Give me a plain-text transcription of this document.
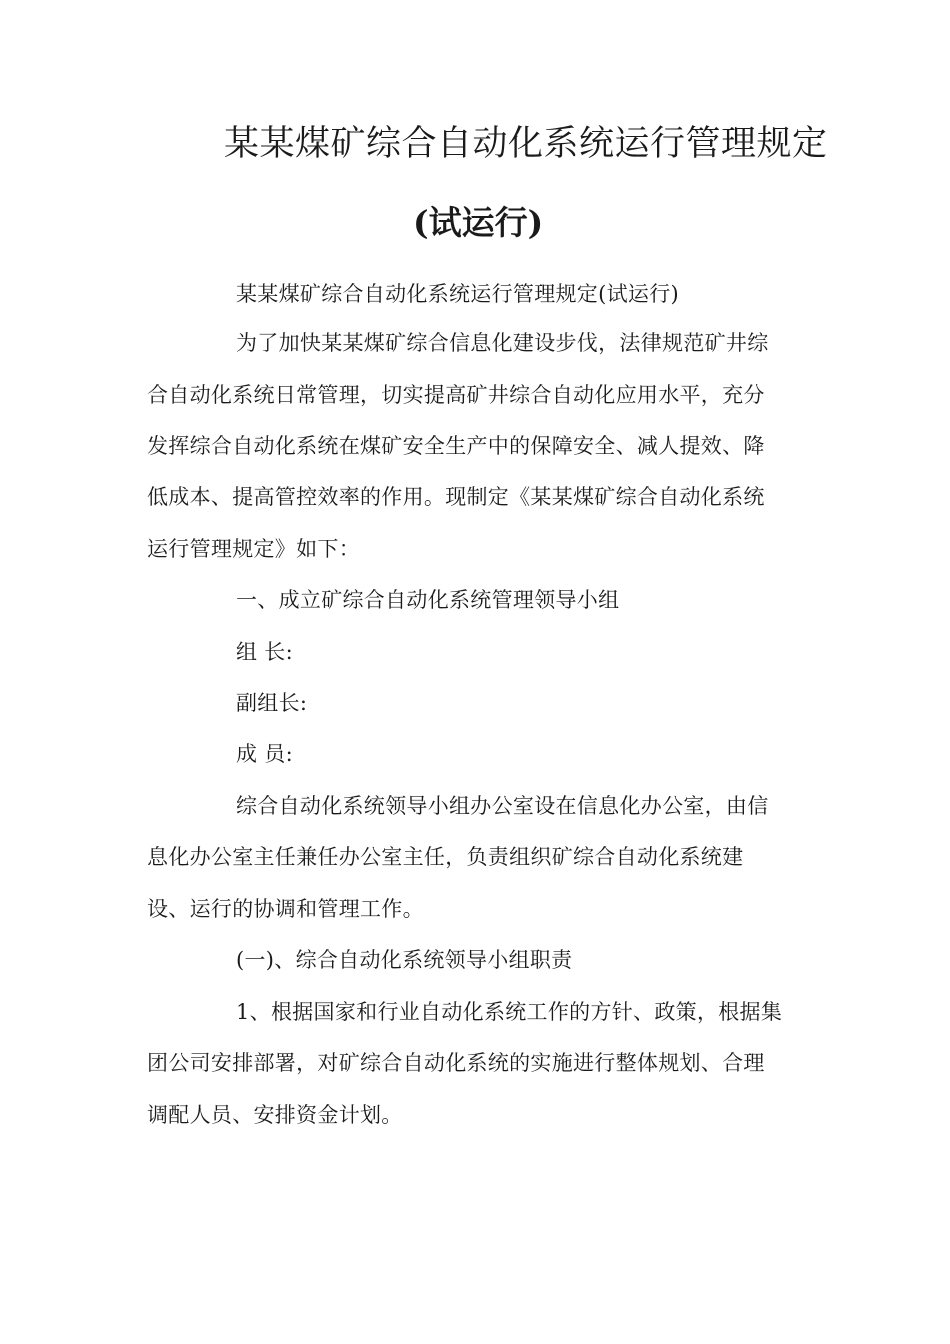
某某煤矿综合自动化系统运行管理规定
(试运行)
某某煤矿综合自动化系统运行管理规定(试运行)
为了加快某某煤矿综合信息化建设步伐，法律规范矿井综
合自动化系统日常管理，切实提高矿井综合自动化应用水平，充分
发挥综合自动化系统在煤矿安全生产中的保障安全、减人提效、降
低成本、提高管控效率的作用。现制定《某某煤矿综合自动化系统
运行管理规定》如下：
一、成立矿综合自动化系统管理领导小组
组 长:
副组长:
成 员:
综合自动化系统领导小组办公室设在信息化办公室，由信
息化办公室主任兼任办公室主任，负责组织矿综合自动化系统建
设、运行的协调和管理工作。
(一)、综合自动化系统领导小组职责
1、根据国家和行业自动化系统工作的方针、政策，根据集
团公司安排部署，对矿综合自动化系统的实施进行整体规划、合理
调配人员、安排资金计划。
